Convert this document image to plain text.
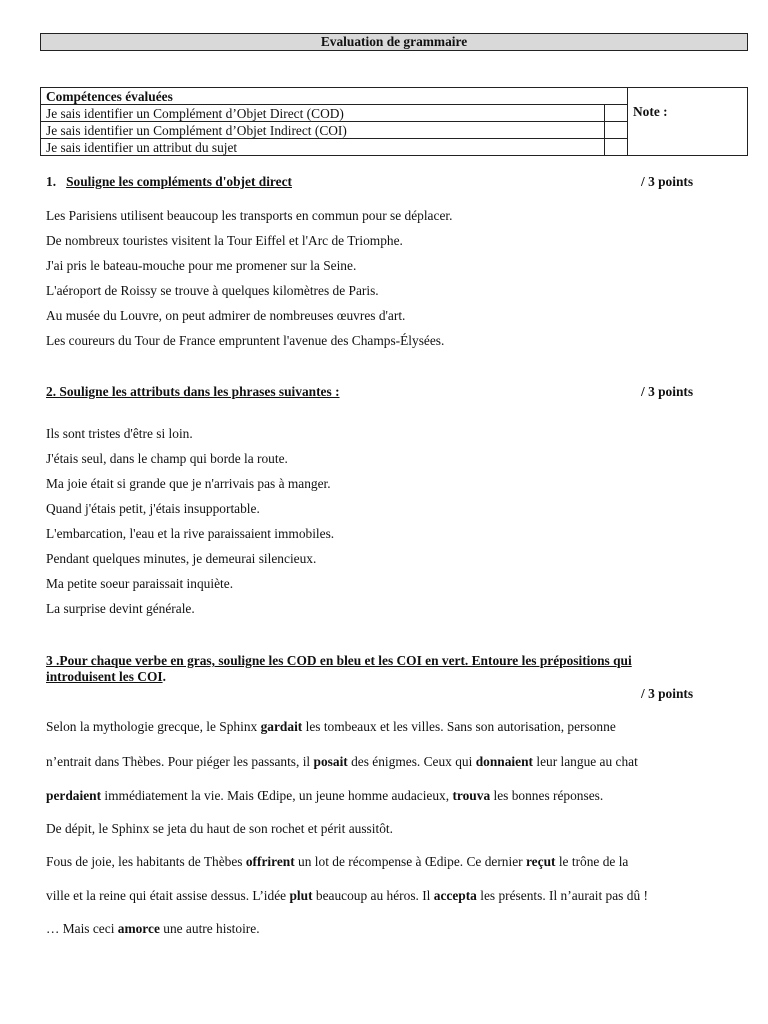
Evaluation de grammaire
Compétences évaluées		Note :
Je sais identifier un Complément d’Objet Direct (COD)		
Je sais identifier un Complément d’Objet Indirect (COI)		
Je sais identifier un attribut du sujet		
1. Souligne les compléments d'objet direct	/ 3 points
Les Parisiens utilisent beaucoup les transports en commun pour se déplacer.
De nombreux touristes visitent la Tour Eiffel et l'Arc de Triomphe.
J'ai pris le bateau-mouche pour me promener sur la Seine.
L'aéroport de Roissy se trouve à quelques kilomètres de Paris.
Au musée du Louvre, on peut admirer de nombreuses œuvres d'art.
Les coureurs du Tour de France empruntent l'avenue des Champs-Élysées.
2. Souligne les attributs dans les phrases suivantes :	/ 3 points
Ils sont tristes d'être si loin.
J'étais seul, dans le champ qui borde la route.
Ma joie était si grande que je n'arrivais pas à manger.
Quand j'étais petit, j'étais insupportable.
L'embarcation, l'eau et la rive paraissaient immobiles.
Pendant quelques minutes, je demeurai silencieux.
Ma petite soeur paraissait inquiète.
La surprise devint générale.
3 .Pour chaque verbe en gras, souligne les COD en bleu et les COI en vert. Entoure les prépositions qui
introduisent les COI.
/ 3 points
Selon la mythologie grecque, le Sphinx gardait les tombeaux et les villes. Sans son autorisation, personne
n’entrait dans Thèbes. Pour piéger les passants, il posait des énigmes. Ceux qui donnaient leur langue au chat
perdaient immédiatement la vie. Mais Œdipe, un jeune homme audacieux, trouva les bonnes réponses.
De dépit, le Sphinx se jeta du haut de son rochet et périt aussitôt.
Fous de joie, les habitants de Thèbes offrirent un lot de récompense à Œdipe. Ce dernier reçut le trône de la
ville et la reine qui était assise dessus. L’idée plut beaucoup au héros. Il accepta les présents. Il n’aurait pas dû !
… Mais ceci amorce une autre histoire.
